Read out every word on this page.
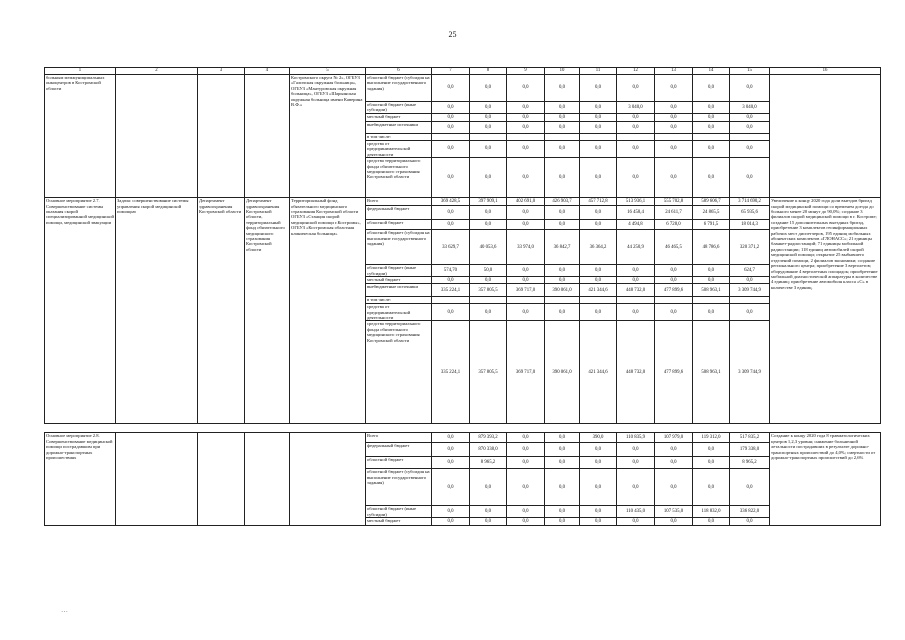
25
1	2	3	4	5	6	7	8	9	10	11	12	13	14	15	16
больным межмуниципальных онкоцентров в Костромской области				Костромского округа № 2», ОГБУЗ «Галичская окружная больница», ОГБУЗ «Мантуровская окружная больница», ОГБУЗ «Шарьинская окружная больница имени Каверина В.Ф.»	областной бюджет (субсидия на выполнение государственного задания)	0,0	0,0	0,0	0,0	0,0	0,0	0,0	0,0	0,0	
					областной бюджет (иные субсидии)	0,0	0,0	0,0	0,0	0,0	3 040,0	0,0	0,0	3 040,0	
					местный бюджет	0,0	0,0	0,0	0,0	0,0	0,0	0,0	0,0	0,0	
					внебюджетные источники	0,0	0,0	0,0	0,0	0,0	0,0	0,0	0,0	0,0	
					в том числе:										
					средства от предпринимательской деятельности	0,0	0,0	0,0	0,0	0,0	0,0	0,0	0,0	0,0	
					средства территориального фонда обязательного медицинского страхования Костромской области	0,0	0,0	0,0	0,0	0,0	0,0	0,0	0,0	0,0	
Основное мероприятие 2.7. Совершенствование системы оказания скорой специализированной медицинской помощи, медицинской эвакуации	Задача: совершенствование системы управления скорой медицинской помощью	Департамент здравоохранения Костромской области	Департамент здравоохранения Костромской области, территориальный фонд обязательного медицинского страхования Костромской области	Территориальный фонд обязательного медицинского страхования Костромской области ОГБУЗ «Станция скорой медицинской помощи г.Костромы», ОГБУЗ «Костромская областная клиническая больница»	Всего	369 428,5	397 909,1	402 691,0	426 903,7	457 712,8	513 936,1	555 702,8	589 606,7	3 714 690,2	Увеличение к концу 2020 года доли выездов бригад скорой медицинской помощи со временем доезда до больного менее 20 минут до 90,0%; создание 3 филиалов скорой медицинской помощи в г. Костроме; создание 15 дополнительных выездных бригад, приобретение 3 комплектов геоинформационных рабочих мест диспетчеров, 195 единиц мобильных абонентских комплектов «ГЛОНАСС»; 21 единицы бланкет-радиостанций; 71 единицы мобильной радиостанции; 118 единиц автомобилей скорой медицинской помощи; открытие 25 выбывшего отделений помощи, 2 филиалов экономики; создание регионального центра; приобретение 3 вертолетов; оборудование 4 вертолетных площадок; приобретение мобильной диагностической аппаратуры в количестве 4 единиц; приобретение автомобиля класса «С» в количестве 3 единиц.
					федеральный бюджет	0,0	0,0	0,0	0,0	0,0	16 458,4	24 611,7	24 865,5	65 935,6	
					областной бюджет	0,0	0,0	0,0	0,0	0,0	4 494,8	6 728,0	6 791,5	18 014,3	
					областной бюджет (субсидия на выполнение государственного задания)	33 629,7	40 053,6	33 974,0	36 842,7	36 364,2	44 250,9	46 465,5	48 786,6	320 371,2	
					областной бюджет (иные субсидии)	574,70	50,0	0,0	0,0	0,0	0,0	0,0	0,0	624,7	
					местный бюджет	0,0	0,0	0,0	0,0	0,0	0,0	0,0	0,0	0,0	
					внебюджетные источники	335 224,1	357 805,5	369 717,0	390 061,0	421 344,6	448 732,0	477 899,6	508 963,1	3 309 744,9	
					в том числе:										
					средства от предпринимательской деятельности	0,0	0,0	0,0	0,0	0,0	0,0	0,0	0,0	0,0	
					средства территориального фонда обязательного медицинского страхования Костромской области	335 224,1	357 805,5	369 717,0	390 061,0	421 344,6	448 732,0	477 899,6	508 963,1	3 309 744,9	

Основное мероприятие 2.8. Совершенствование медицинской помощи пострадавшим при дорожно-транспортных происшествиях					Всего	0,0	879 393,2	0,0	0,0	390,0	110 835,9	107 979,0	119 312,0	517 835,2	Создание к концу 2020 года 8 травматологических центров 1,2,3 уровня; снижение больничной летальности пострадавших в результате дорожно-транспортных происшествий до 4,0%; смертности от дорожно-транспортных происшествий до 2,6%
					федеральный бюджет	0,0	870 338,0	0,0	0,0	0,0	0,0	0,0	0,0	179 338,0	
					областной бюджет	0,0	8 965,2	0,0	0,0	0,0	0,0	0,0	0,0	8 965,2	
					областной бюджет (субсидия на выполнение государственного задания)	0,0	0,0	0,0	0,0	0,0	0,0	0,0	0,0	0,0	
					областной бюджет (иные субсидии)	0,0	0,0	0,0	0,0	0,0	110 435,0	107 535,0	118 832,0	336 822,0	
					местный бюджет	0,0	0,0	0,0	0,0	0,0	0,0	0,0	0,0	0,0	
…
